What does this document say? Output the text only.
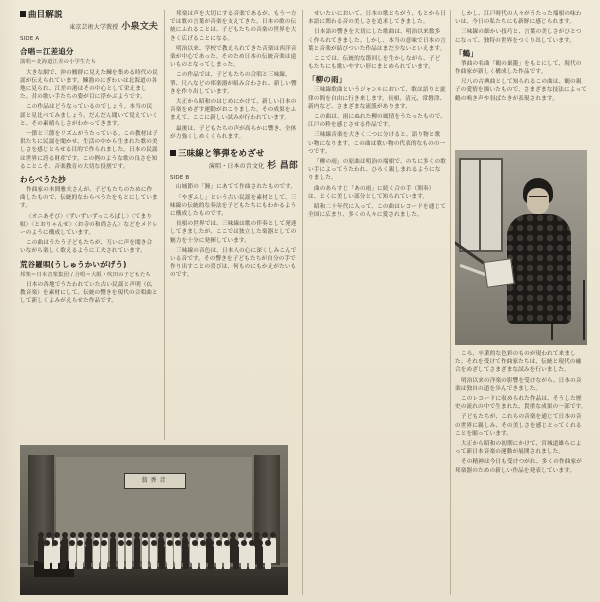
曲目解説
東京芸術大学教授 小泉文夫
SIDE A
合唱＝江差追分
演唱＝北海道江差の小学生たち

大きな網で、沖の鰯群に見えた鰊を集める時代の民謡が伝えられています。鰊漁のにぎわいは北海道の各地に見られ、江差の港はその中心として栄えました。昔の歌い手たちの姿が目に浮かぶようです。

この作品はどうなっているのでしょう。本当の民謡と見比べてみましょう。だんだん聞いて覚えていくと、その素晴らしさがわかってきます。

一節と三節をリズムがうたっている。この教材は子供たちに民謡を聞かせ、生活の中から生まれた歌の美しさを感じとらせる目的で作られました。日本の民謡は世界に誇る財産です。この例のような歌の良さを知ることこそ、音楽教育の大切な役割です。

わらべうた抄

作曲家の本間雅夫さんが、子どもたちのために作曲したもので、伝統的なわらべうたをもとにしています。

〈オニあそび〉〈ずいずいずっころばし〉〈てまり唄〉〈とおりゃんせ〉〈お寺の和尚さん〉などをメドレーのように構成しています。

この曲はうたう子どもたちが、互いに声を聞き合いながら楽しく歌えるように工夫されています。

荒谷羅唄(うしゅうかいがげう)
邦楽＝日本音楽集団 / 合唱＝大阪・吹田の子どもたち

日本の各地でうたわれていた古い民謡と声明（仏教音楽）を素材にして、伝統の響きを現代の合唱曲として新しくよみがえらせた作品です。

邦楽は声を大切にする音楽であるが、もう一方では歌の言葉が音楽を支えてきた。日本の歌の伝統にふれることは、子どもたちの音楽の世界を大きく広げることになる。

明治以来、学校で教えられてきた音楽は西洋音楽が中心であった。そのため日本の伝統音楽は遠いものとなってしまった。

この作品では、子どもたちの合唱と三味線、箏、尺八などの邦楽器が組み合わされ、新しい響きを作り出しています。

大正から昭和のはじめにかけて、新しい日本の音楽をめざす運動がおこりました。その成果をふまえて、ここに新しい試みが行われています。

最後は、子どもたちの声が高らかに響き、全体が力強くしめくくられます。

三味線と箏弾をめざせ
演唱・日本の音文化 杉 昌郎
SIDE B

山城節の「鐘」にあてて作曲されたものです。

「やぎふし」という古い民謡を素材として、三味線の伝統的な奏法を子どもたちにもわかるように構成したものです。

長唄の世界では、三味線は歌の伴奏として発達してきましたが、ここでは独立した楽器としての魅力を十分に発揮しています。

三味線の音色は、日本人の心に深くしみこんでいる音です。その響きを子どもたちが自分の手で作り出すことの喜びは、何ものにもかえがたいものです。

せいたいにおいて、日本の歌とちがう、もとから日本語に関わる音の美しさを追求してきました。

日本語の響きを大切にした歌曲は、明治以来数多く作られてきました。しかし、本当の意味で日本の言葉と音楽が結びついた作品はまだ少ないといえます。

ここでは、伝統的な節回しを生かしながら、子どもたちにも歌いやすい形にまとめられています。

「柳の雨」

三味線歌曲というジャンルにおいて、歌は語りと旋律の間を自由に行き来します。長唄、清元、常磐津、新内など、さまざまな流派があります。

この曲は、雨にぬれた柳の風情をうたったもので、江戸の粋を感じさせる作品です。

三味線音楽を大きく二つに分けると、語り物と歌い物になります。この曲は歌い物の代表的なものの一つです。

「柳の雨」の原曲は明治の端唄で、のちに多くの歌い手によってうたわれ、ひろく親しまれるようになりました。

曲のあらすじ「あの雨」に続く合の手（間奏）は、とくに美しい部分として知られています。

昭和二十年代に入って、この曲はレコードを通じて全国に広まり、多くの人々に愛されました。

しかし、江戸時代の人々がうたった端唄の味わいは、今日の私たちにも新鮮に感じられます。

三味線の細かい技巧と、言葉の美しさがひとつになって、独特の世界をつくり出しています。

「鶴」

箏曲の名曲「鶴の巣籠」をもとにして、現代の作曲家が新しく構成した作品です。

尺八の古典曲として知られるこの曲は、鶴の親子の愛情を描いたもので、さまざまな技法によって鶴の鳴き声や羽ばたきが表現されます。

ころ、卒業的な色彩のものが現われて来ました。それを受けて作曲家たちは、伝統と現代の融合をめざしてさまざまな試みを行いました。

明治以来の洋楽の影響を受けながら、日本の音楽は独自の道を歩んできました。

このレコードに収められた作品は、そうした歴史の流れの中で生まれた、貴重な成果の一部です。

子どもたちが、これらの音楽を通じて日本の音の世界に親しみ、その美しさを感じとってくれることを願っています。

大正から昭和の初期にかけて、宮城道雄らによって新日本音楽の運動が展開されました。

その精神は今日も受けつがれ、多くの作曲家が邦楽器のための新しい作品を発表しています。

翁香音
